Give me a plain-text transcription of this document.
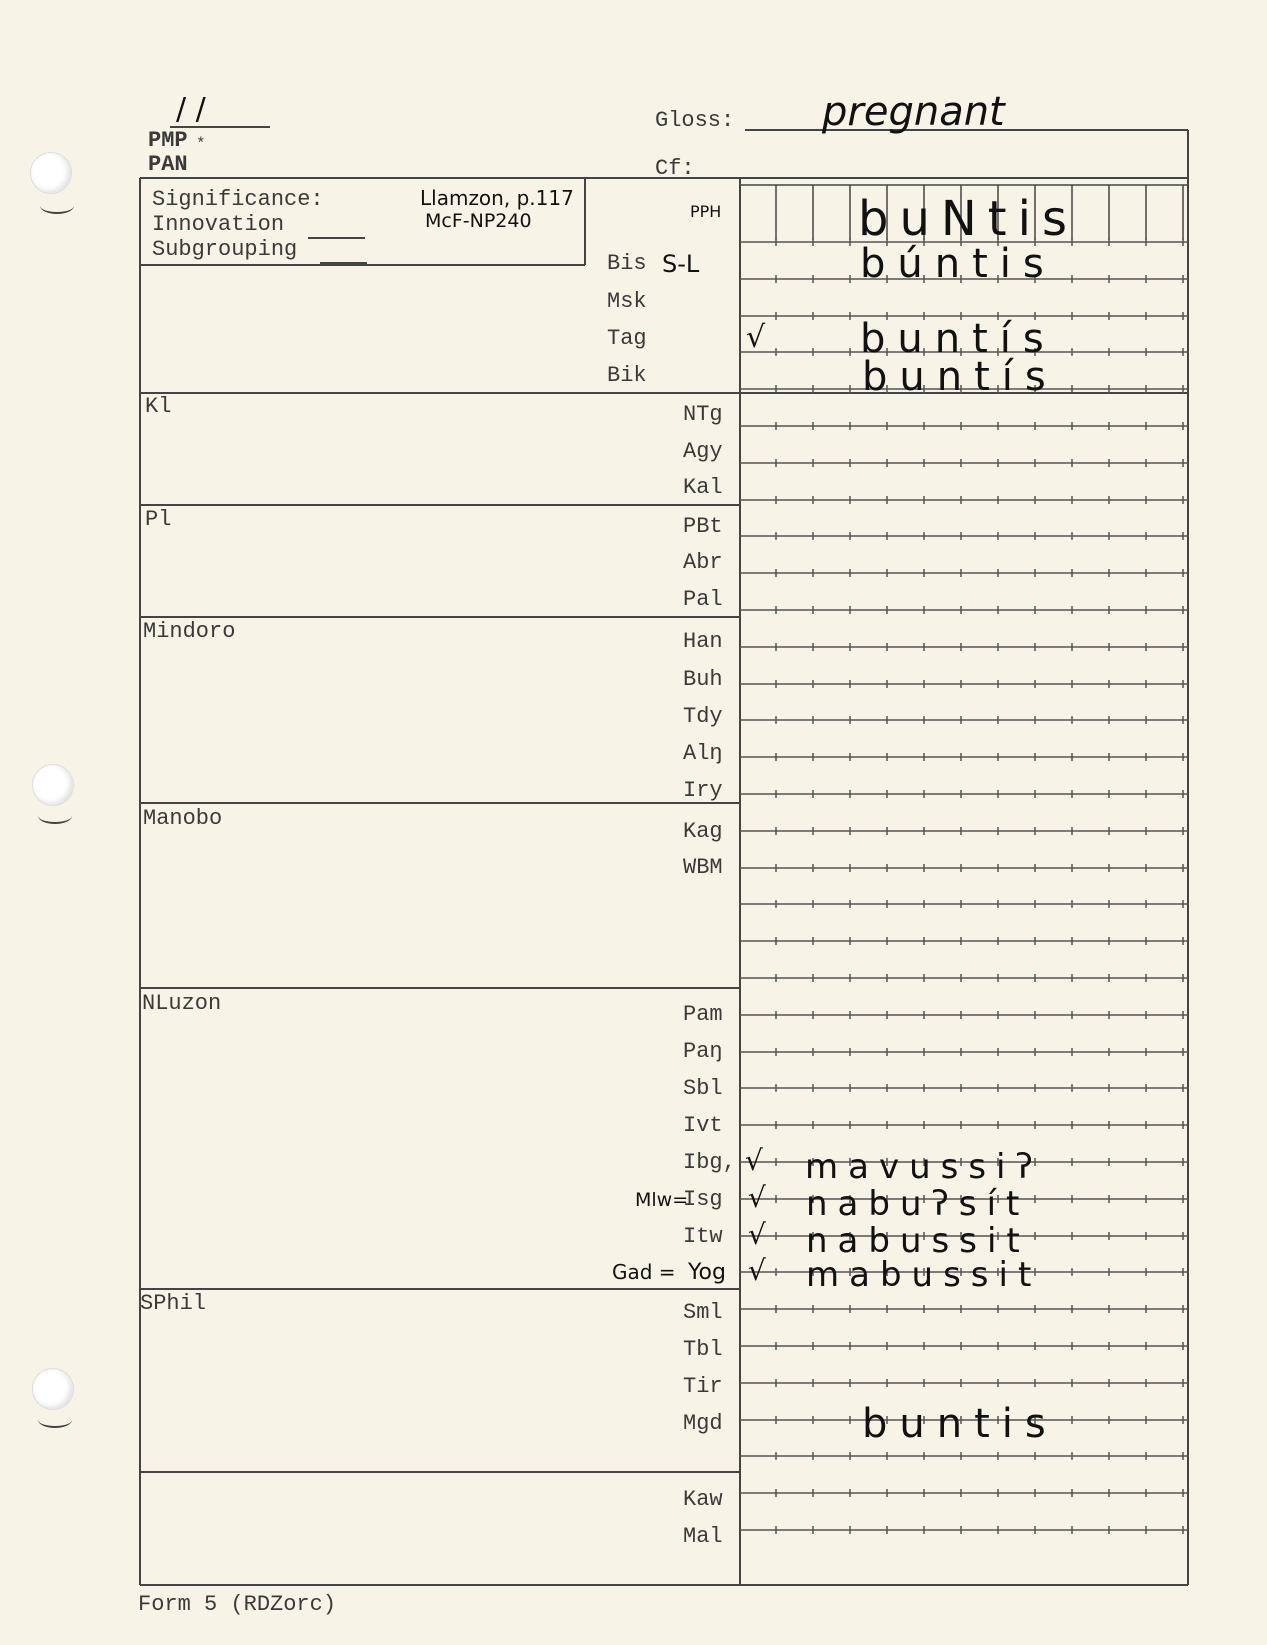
/ /
PMP *
PAN
Gloss: pregnant
Cf:
Significance:
Innovation
Subgrouping
Llamzon, p.117
McF-NP240
Kl
Pl
Mindoro
Manobo
NLuzon
SPhil
PPH
Bis S-L
Msk
Tag
Bik
NTg
Agy
Kal
PBt
Abr
Pal
Han
Buh
Tdy
Alŋ
Iry
Kag
WBM
Pam
Paŋ
Sbl
Ivt
Ibg,
Mlw=
Isg
Itw
Gad = Yog
Sml
Tbl
Tir
Mgd
Kaw
Mal
√
√
√
√
√
buNtis
búntis
buntís
buntís
mavussiʔ
nabuʔsít
nabussit
mabussit
buntis
Form 5 (RDZorc)
